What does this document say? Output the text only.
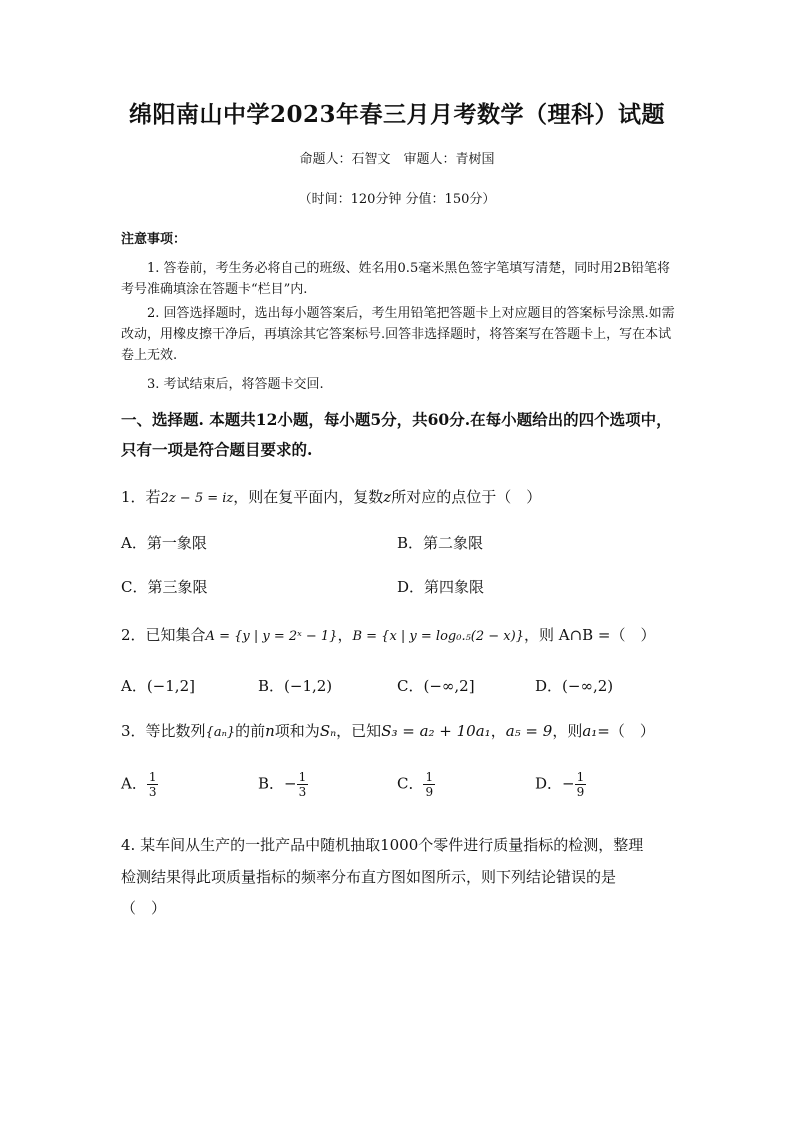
绵阳南山中学2023年春三月月考数学（理科）试题
命题人：石智文　审题人：青树国
（时间：120分钟 分值：150分）
注意事项：
1. 答卷前，考生务必将自己的班级、姓名用0.5毫米黑色签字笔填写清楚，同时用2B铅笔将考号准确填涂在答题卡“栏目”内.
2. 回答选择题时，选出每小题答案后，考生用铅笔把答题卡上对应题目的答案标号涂黑.如需改动，用橡皮擦干净后，再填涂其它答案标号.回答非选择题时，将答案写在答题卡上，写在本试卷上无效.
3. 考试结束后，将答题卡交回.
一、选择题. 本题共12小题，每小题5分，共60分.在每小题给出的四个选项中，只有一项是符合题目要求的.
1．若2z − 5 = iz，则在复平面内，复数z所对应的点位于（　）
A．第一象限	B．第二象限
C．第三象限	D．第四象限
2．已知集合A = {y | y = 2ˣ − 1}，B = {x | y = log₀.₅(2 − x)}，则 A∩B =（　）
A．(−1,2]	B．(−1,2)	C．(−∞,2]	D．(−∞,2)
3．等比数列{aₙ}的前n项和为Sₙ，已知S₃ = a₂ + 10a₁，a₅ = 9，则a₁=（　）
A． $\frac{1}{3}$	B．− $\frac{1}{3}$	C． $\frac{1}{9}$	D．− $\frac{1}{9}$
4. 某车间从生产的一批产品中随机抽取1000个零件进行质量指标的检测，整理
检测结果得此项质量指标的频率分布直方图如图所示，则下列结论错误的是
（　）
